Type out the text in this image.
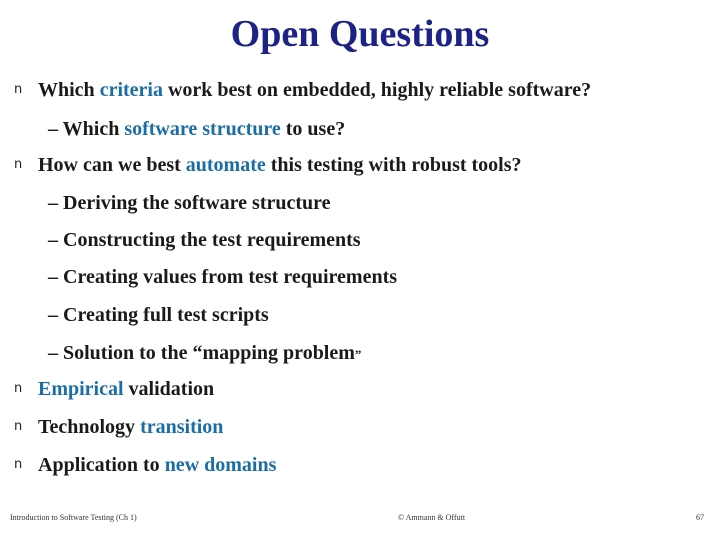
Open Questions
n Which criteria work best on embedded, highly reliable software?
– Which software structure to use?
n How can we best automate this testing with robust tools?
– Deriving the software structure
– Constructing the test requirements
– Creating values from test requirements
– Creating full test scripts
– Solution to the “mapping problem”
n Empirical validation
n Technology transition
n Application to new domains
Introduction to Software Testing (Ch 1)	© Ammann & Offutt	67
